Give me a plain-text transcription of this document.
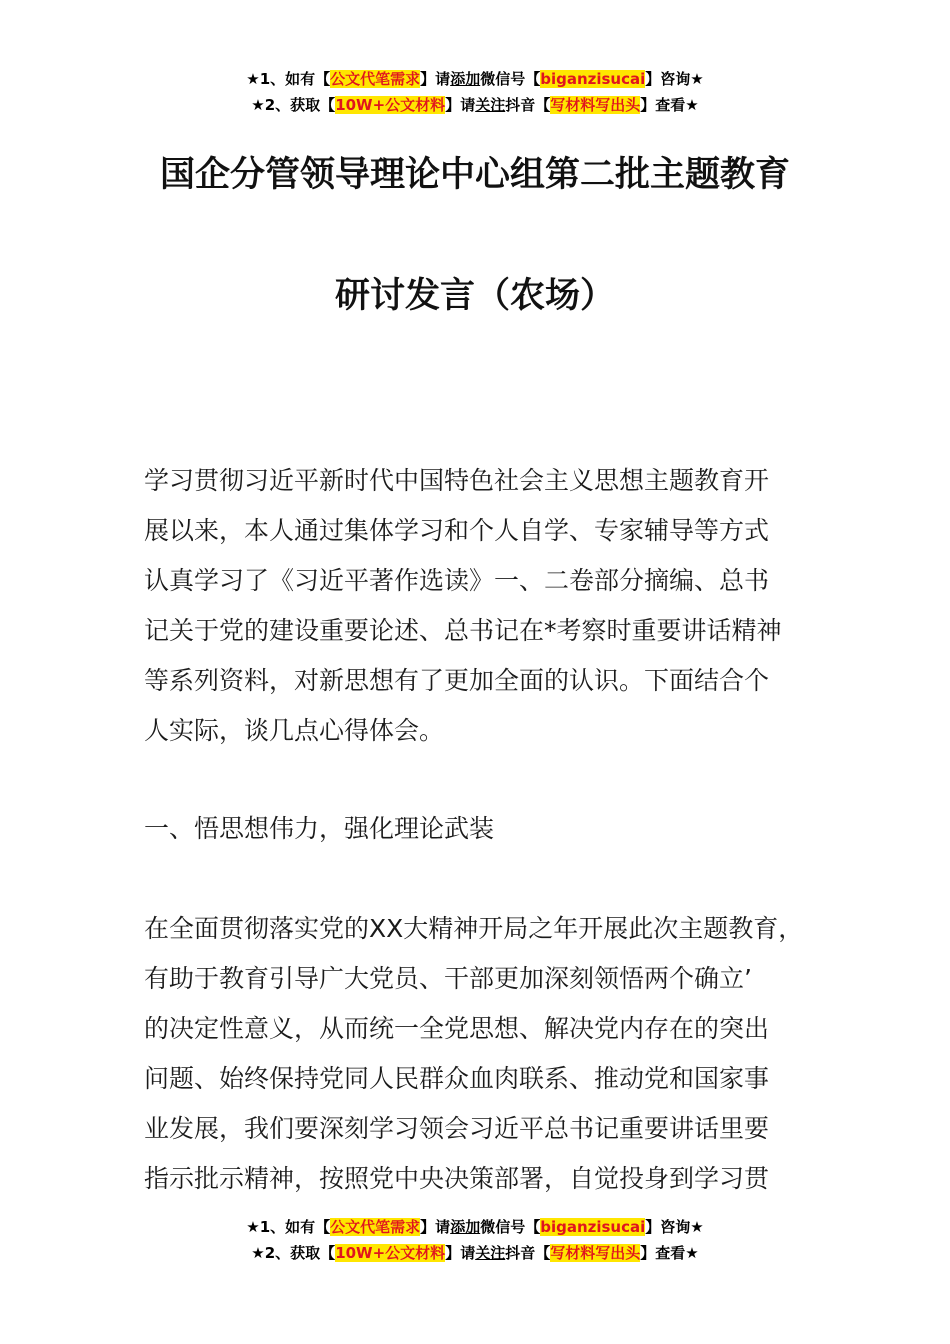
★1、如有【公文代笔需求】请添加微信号【biganzisucai】咨询★
★2、获取【10W+公文材料】请关注抖音【写材料写出头】查看★
国企分管领导理论中心组第二批主题教育
研讨发言（农场）
学习贯彻习近平新时代中国特色社会主义思想主题教育开
展以来，本人通过集体学习和个人自学、专家辅导等方式
认真学习了《习近平著作选读》一、二卷部分摘编、总书
记关于党的建设重要论述、总书记在*考察时重要讲话精神
等系列资料，对新思想有了更加全面的认识。下面结合个
人实际，谈几点心得体会。
一、悟思想伟力，强化理论武装
在全面贯彻落实党的XX大精神开局之年开展此次主题教育，
有助于教育引导广大党员、干部更加深刻领悟两个确立’
的决定性意义，从而统一全党思想、解决党内存在的突出
问题、始终保持党同人民群众血肉联系、推动党和国家事
业发展，我们要深刻学习领会习近平总书记重要讲话里要
指示批示精神，按照党中央决策部署，自觉投身到学习贯
★1、如有【公文代笔需求】请添加微信号【biganzisucai】咨询★
★2、获取【10W+公文材料】请关注抖音【写材料写出头】查看★
